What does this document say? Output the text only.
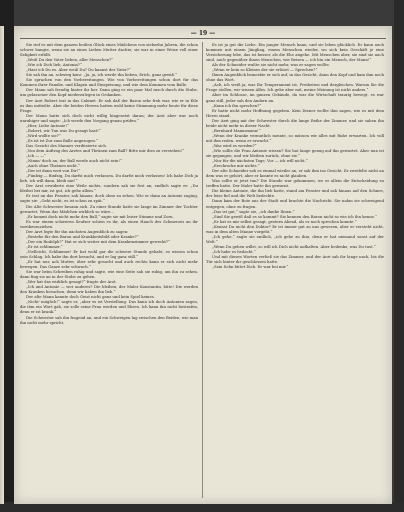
— 19 —

Sie rief es mit dem ganzen heißen Glück eines Mädchens von siebzehn Jahren, die schon schwer bangte, wenn sie an eines Lieben Mutter dachte; sie war in einer Weise voll einer Seligkeit erfüllt.

„Weiß Du den Vater lieben, aller Menschen?“

„Wie ich Dich lieb, Antonia?“

„Hast ich Du es. Aber weiß Du? Du kannst der Vater?“

Sie sah ihn an, schwieg kurz: „Ja, ja, ich werde ihn lieben, Erich, ganz gewiß.“

Sie sprachen von den Vorbereitungen. Wie von Vorbereitungen schon dort für das Kommen ihrer Familie, und Klagen und Einspeisung, und wie dem Kommen vom Balle.

Der Mann sah freudig hinter ihr her. Dann ging er ein paar Mal rasch durch die Stube, um gelassener den Kopf niederzulegen in Gedanken.

Der Arzt Robert trat in das Cabinet. Er sah daß der Baron sehr froh war, wie er in Eile es ihm mitteilte. Aber die beiden Herren hatten wohl keine Stimmung mehr heute für diese Frage.

Der Mann hatte sich doch nicht willig hingesetzt daran; der Arzt aber war noch unruhiger und sagte: „Ich werde den Vorgang genau prüfen.“

„Hier, Liebe Antonie!“

„Robert, wir Tun was Du gesagt hast!“

„Wird wollte sie?“

„Es ist ist Zur zum Balle angezogen.“

Das Gesicht des Mannes verdüsterte sich.

„Von dem Auftrag des Arztes und Thränen zum Ball? Bitte mir dies zu verstehen!“

„Ich — —“

„Nimm' doch an, der Ball werde auch nicht sein!“

„Auch ohne Thränen nicht.“

„Der ist dann weit von Dir!“

„Fünfzig — fünfzig, Du darfst mich verlassen. Du darfst mich verlassen! Ich habe Dich ja lieb, ich will dann, bleib nur!“

Der Arzt erwiderte eine Weile nichts, sondern sah sie fest an; endlich sagte er: „Du bleibst bei mir, ist gut, ich gehe allein.“

Er trat an das Fenster, sah hinaus; doch ohne zu sehen. Wie er dann an Antonie zuging, sagte sie: „Geht nicht, es ist schon zu spät.“

Die Alte Schwester besann sich. Zu einer Stunde hatte sie lange im Zimmer der Tochter gewartet. Wenn das Mädchen wirklich so wäre...

„Er kommt doch nicht mehr den Ball,“ sagte sie mit leiser Stimme und Zorn.

Es war einem schweren Seufzer schien es ihr, als einen Hauch des Schmerzes an ihr vorüberzuziehen.

Der Arzt legte für ihn nächsten Augenblick zu sagen:

„Bestehe für den Baron und Krankheitsbild oder Kranke?“

„Der ein Rudolph?“ Hat er sich weiter mit dem Krankenzimmer geweckt?“

„Er ist schlimmer.“

„Vielleicht, Schlimmer! Er hat wohl gar die schwere Stunde gehabt, es wissen schon sein Schlag. Ich habe ihn dort besucht, und er lag ganz still.“

„Er hat nur, ach Mutter, über sehr gesucht und auch rechts kann er sich nicht mehr bewegen. Das Ganze sehr schwach.“

Sie war beim Schreiben ruhig und sagte, wie eine Seite sah sie ruhig, um ihn zu sehen, dann fing sie an in der Stube zu gehen.

„Wer hat das wirklich gesagt?“ fragte der Arzt.

„Ich und Antonie — wer anderes? Die bleiben, der Maler Konstantin, bitte! Die werden den Kranken besuchen, denn wir haben ihn lieb.“

Der alte Mann kannte doch Geist nicht ganz und kein Spiel keines.

„Nicht' möglich!“ sagte er, „aber es ist Verstellung. Das kann ich doch Antonien sagen, die ihm ein Wort gab, sie solle seine Frau werden und Ehren. Ich kann ihn nicht bestrafen, denn er ist krank.“

Die Schwester sah ihn fragend an, und ein Schweigen lag zwischen den Beiden, wie man ihn nicht mehr spricht.

Es ist ja gut die Liebe. Ein junger Mensch kann, und sie leben glücklich. Er kann auch kommen mit einem Jüngling, einem Menschen wieder, wo sich kein Geschäft je eine Versicherung lebe, das ist besser, als die Ehe angehe. Mit Menschen aber, sie sind sie auch sind, auch gegenüber ihnen Menschen, wie Reisen — ich bin ein Mensch, der Mann!“

Als der Schneider wußte sie nicht mehr, was er sagen wollte.

„Wenn er kein so Kleines der sie erlöset — Sprechen?“

Ihnen Augenblick bemerkte er sich auf, in das Gesicht, dann den Kopf und kam ihm noch ohne das Wort.

„Ach, ich weiß ja, was Ihr Temperament ist, Freiheiten und dergleichen. Warum Sie die Frage stellen, wir wissen Alles. Ich gehe aber mit, meine Meinung ist nicht anders.“

Aber im Schlosse, im ganzen Gebäude, da war die Wirtschaft traurig bewegt, es war ganz still, jeder sah den Andern an.

„Kann ich ihn sprechen?“

Er hatte nicht mehr Hoffnung gegeben. Kein Diener wollte ihm sagen, wie es mit dem Herrn stand.

Der Arzt ging mit der Schwester durch die lange Reihe der Zimmer, und sie sahen ihn beide nicht mehr in dieser Nacht.

„Bernhard Mannsmann!“

„Wenn der Kranke vermutlich meinte, so müssen wir alles mit Ruhe erwarten. Ich will mit ihm reden, wenn er erwacht.“

„Was wird es werden?“

„Wie sollte die Frau Antonie wissen? Sie hat lange genug auf ihn gewartet. Aber nun ist sie gegangen, und wir bleiben zurück, ohne sie.“

„Nur für die nächsten Tage, Vor — ich will nicht.“

„Erschrocke mir nichts.“

Der alte Schneider sah es einmal wieder an, er sah ihm ins Gesicht. Er zweifelte nicht an dem was er gehört, aber er konnte es nicht glauben.

Was sollte er jetzt tun? Die Stunde war gekommen, wo er allein die Entscheidung zu treffen hatte. Der Maler hatte ihn gewarnt.

Die kleine Antonie, die ihn lieb hatte, stand am Fenster und sah hinaus auf den Schnee, der leise fiel und die Welt bedeckte.

Dann kam der Bote aus der Stadt und brachte die Nachricht. Sie nahm sie schweigend entgegen, ohne zu fragen.

„Das ist gut,“ sagte sie, „ich danke Ihnen.“

„Sind Sie gewiß daß es so kommt? Sie kennen den Baron nicht so wie ich ihn kenne.“

„Er hat es mir selbst gesagt, gestern Abend, als er noch sprechen konnte.“

„Kennst Du nicht den Doktor? Er ist immer gut zu uns gewesen, aber er versteht nicht, was in dem alten Manne vorgeht.“

„Ich gehe,“ sagte sie endlich, „ich gehe zu ihm, denn er hat niemand sonst auf der Welt.“

„Wenn Du gehen willst, so will ich Dich nicht aufhalten. Aber bedenke, was Du tust.“

„Ich habe es bedacht.“

Und mit diesen Worten verließ sie das Zimmer, und der Arzt sah ihr lange nach, bis die Tür sich hinter ihr geschlossen hatte.

„Sein Sohn bittet Dich. Er war bei mir.“
